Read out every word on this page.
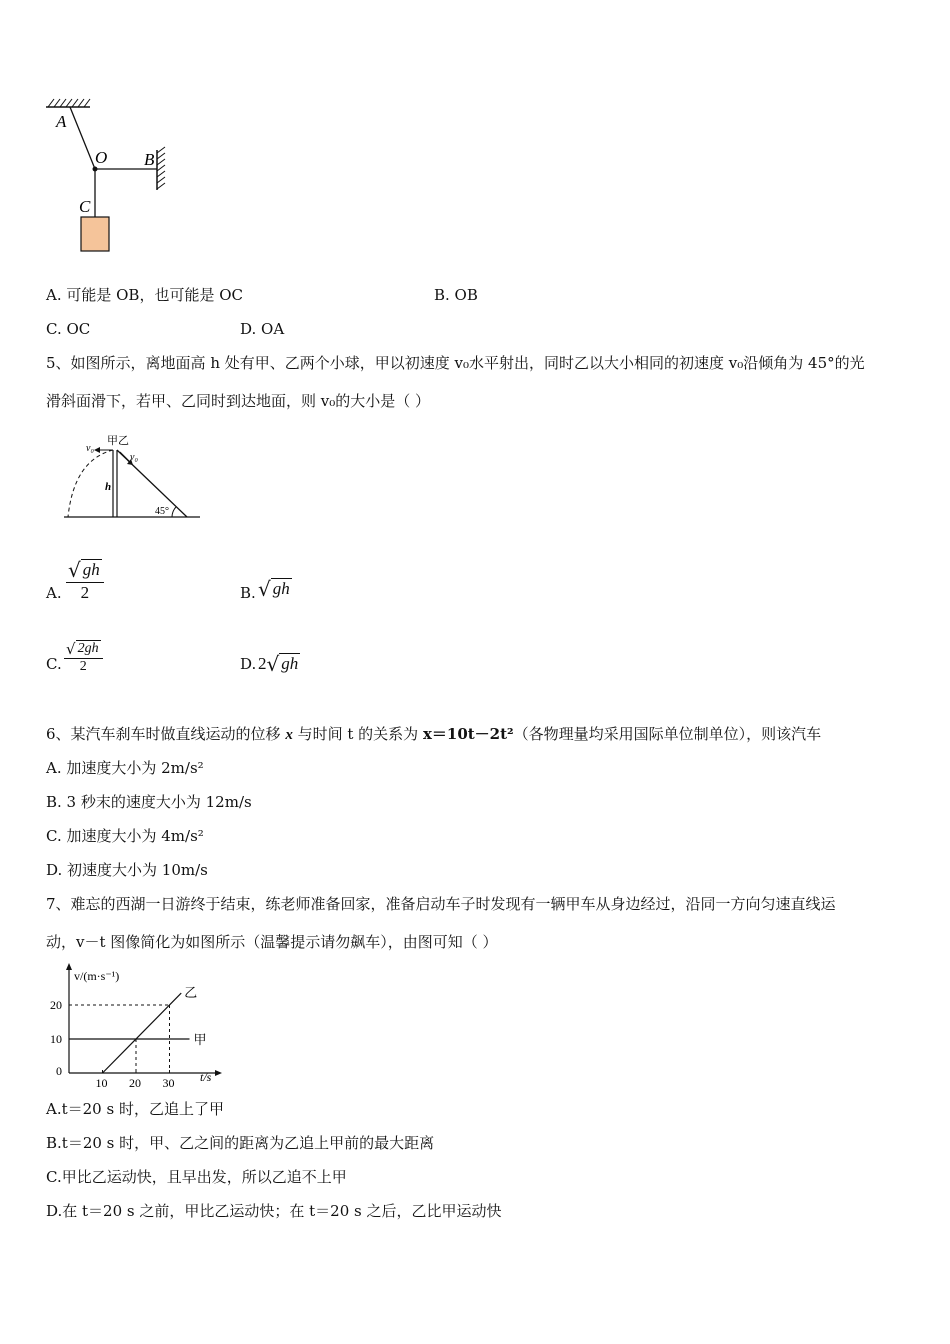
A
O B
C
A. 可能是 OB，也可能是 OC	B. OB
C. OC	D. OA
5、如图所示，离地面高 h 处有甲、乙两个小球，甲以初速度 v₀水平射出，同时乙以大小相同的初速度 v₀沿倾角为 45°的光
滑斜面滑下，若甲、乙同时到达地面，则 v₀的大小是（ ）
v₀
甲乙
v₀
h
45°
A. $\frac{√ gh}{2}$	B. √ gh
C. $\frac{√ 2gh}{2}$	D. 2√ gh
6、某汽车刹车时做直线运动的位移 x 与时间 t 的关系为 x＝10t－2t²（各物理量均采用国际单位制单位），则该汽车
A. 加速度大小为 2m/s²
B. 3 秒末的速度大小为 12m/s
C. 加速度大小为 4m/s²
D. 初速度大小为 10m/s
7、难忘的西湖一日游终于结束，练老师准备回家，准备启动车子时发现有一辆甲车从身边经过，沿同一方向匀速直线运
动，v－t 图像简化为如图所示（温馨提示请勿飙车），由图可知（ ）
v/(m·s⁻¹)
t/s
0
10 20 30
20
10	甲
乙
A.t＝20 s 时，乙追上了甲
B.t＝20 s 时，甲、乙之间的距离为乙追上甲前的最大距离
C.甲比乙运动快，且早出发，所以乙追不上甲
D.在 t＝20 s 之前，甲比乙运动快；在 t＝20 s 之后，乙比甲运动快
